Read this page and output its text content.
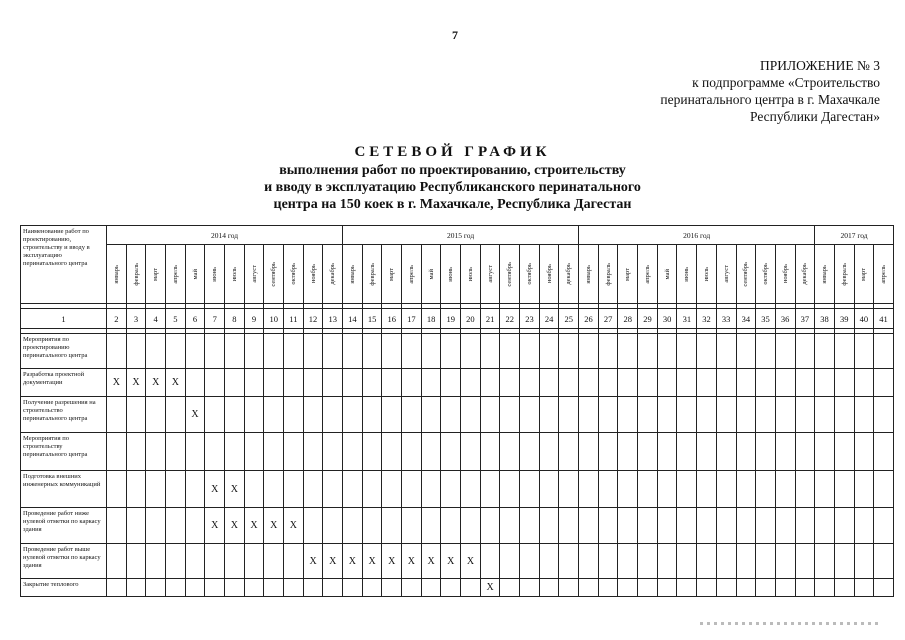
7
ПРИЛОЖЕНИЕ № 3
к подпрограмме «Строительство
перинатального центра в г. Махачкале
Республики Дагестан»
СЕТЕВОЙ ГРАФИК
выполнения работ по проектированию, строительству
и вводу в эксплуатацию Республиканского перинатального
центра на 150 коек в г. Махачкале, Республика Дагестан
Наименование работ по проектированию, строительству и вводу в эксплуатацию перинатального центра	2014 год												2015 год												2016 год												2017 год			

	январь	февраль	март	апрель	май	июнь	июль	август	сентябрь	октябрь	ноябрь	декабрь	январь	февраль	март	апрель	май	июнь	июль	август	сентябрь	октябрь	ноябрь	декабрь	январь	февраль	март	апрель	май	июнь	июль	август	сентябрь	октябрь	ноябрь	декабрь	январь	февраль	март	апрель

1	2	3	4	5	6	7	8	9	10	11	12	13	14	15	16	17	18	19	20	21	22	23	24	25	26	27	28	29	30	31	32	33	34	35	36	37	38	39	40	41

Мероприятия по проектированию перинатального центра																																								
Разработка проектной документации	Х	Х	Х	Х																																				
Получение разрешения на строительство перинатального центра					Х																																			
Мероприятия по строительству перинатального центра																																								
Подготовка внешних инженерных коммуникаций						Х	Х																																	
Проведение работ ниже нулевой отметки по каркасу здания						Х	Х	Х	Х	Х																														
Проведение работ выше нулевой отметки по каркасу здания											Х	Х	Х	Х	Х	Х	Х	Х	Х																					
Закрытие теплового																				Х																				
